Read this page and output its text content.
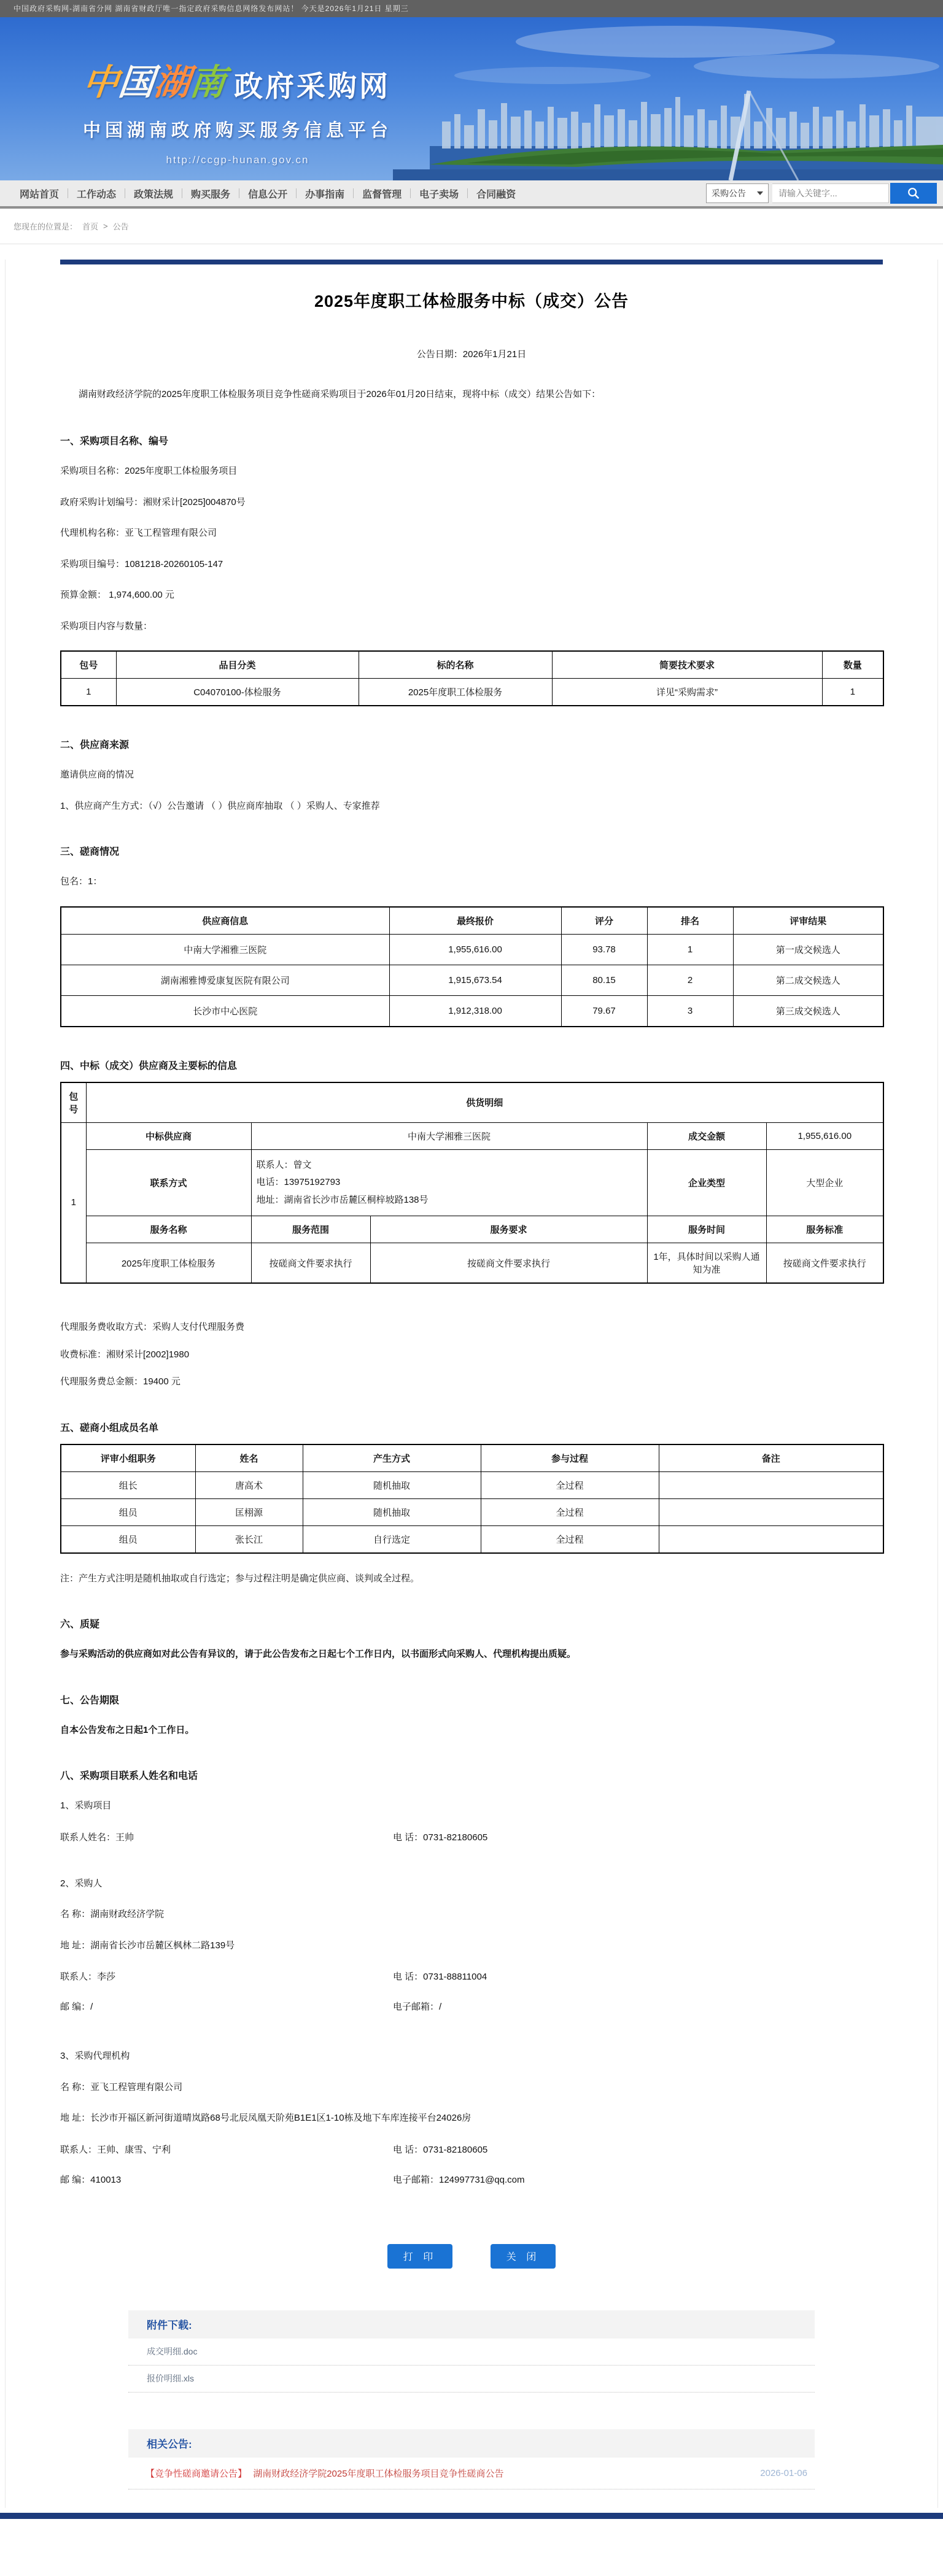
中国政府采购网-湖南省分网 湖南省财政厅唯一指定政府采购信息网络发布网站！ 今天是2026年1月21日 星期三
中国湖南 政府采购网
中国湖南政府购买服务信息平台
http://ccgp-hunan.gov.cn
网站首页	工作动态	政策法规	购买服务	信息公开	办事指南	监督管理	电子卖场	合同融资	采购公告
请输入关键字...
您现在的位置是： 首页 > 公告
2025年度职工体检服务中标（成交）公告
公告日期：2026年1月21日

湖南财政经济学院的2025年度职工体检服务项目竞争性磋商采购项目于2026年01月20日结束，现将中标（成交）结果公告如下：

一、采购项目名称、编号

采购项目名称：2025年度职工体检服务项目

政府采购计划编号：湘财采计[2025]004870号

代理机构名称：亚飞工程管理有限公司

采购项目编号：1081218-20260105-147

预算金额： 1,974,600.00 元

采购项目内容与数量：

包号	品目分类	标的名称	简要技术要求	数量
1	C04070100-体检服务	2025年度职工体检服务	详见“采购需求”	1
二、供应商来源

邀请供应商的情况

1、供应商产生方式：（√）公告邀请 （ ）供应商库抽取 （ ）采购人、专家推荐

三、磋商情况

包名：1：

供应商信息	最终报价	评分	排名	评审结果
中南大学湘雅三医院	1,955,616.00	93.78	1	第一成交候选人
湖南湘雅博爱康复医院有限公司	1,915,673.54	80.15	2	第二成交候选人
长沙市中心医院	1,912,318.00	79.67	3	第三成交候选人
四、中标（成交）供应商及主要标的信息
包号	供货明细				
1	中标供应商	中南大学湘雅三医院		成交金额	1,955,616.00
	联系方式	联系人：曾文
电话：13975192793
地址：湖南省长沙市岳麓区桐梓坡路138号		企业类型	大型企业
	服务名称	服务范围	服务要求	服务时间	服务标准
	2025年度职工体检服务	按磋商文件要求执行	按磋商文件要求执行	1年，具体时间以采购人通知为准	按磋商文件要求执行

代理服务费收取方式：采购人支付代理服务费

收费标准：湘财采计[2002]1980

代理服务费总金额：19400 元

五、磋商小组成员名单
评审小组职务	姓名	产生方式	参与过程	备注
组长	唐高术	随机抽取	全过程	
组员	匡栩源	随机抽取	全过程	
组员	张长江	自行选定	全过程	

注：产生方式注明是随机抽取或自行选定；参与过程注明是确定供应商、谈判或全过程。

六、质疑

参与采购活动的供应商如对此公告有异议的，请于此公告发布之日起七个工作日内，以书面形式向采购人、代理机构提出质疑。

七、公告期限

自本公告发布之日起1个工作日。

八、采购项目联系人姓名和电话

1、采购项目

联系人姓名：王帅	电 话：0731-82180605

2、采购人

名 称：湖南财政经济学院

地 址：湖南省长沙市岳麓区枫林二路139号

联系人：李莎	电 话：0731-88811004
邮 编：/	电子邮箱：/

3、采购代理机构

名 称：亚飞工程管理有限公司

地 址：长沙市开福区新河街道晴岚路68号北辰凤凰天阶苑B1E1区1-10栋及地下车库连接平台24026房

联系人：王帅、康雪、宁利	电 话：0731-82180605
邮 编：410013	电子邮箱：124997731@qq.com
打 印	关 闭
附件下载:
成交明细.doc
报价明细.xls
相关公告:
【竞争性磋商邀请公告】 湖南财政经济学院2025年度职工体检服务项目竞争性磋商公告	2026-01-06
